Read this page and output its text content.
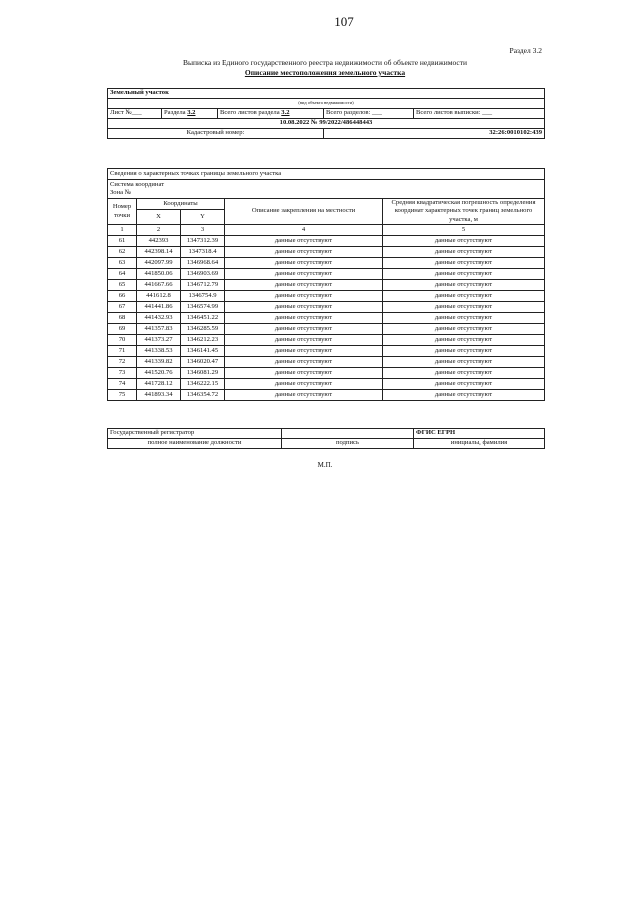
107
Раздел 3.2
Выписка из Единого государственного реестра недвижимости об объекте недвижимости
Описание местоположения земельного участка
Земельный участок				
(вид объекта недвижимости)				
Лист №___	Раздела 3.2	Всего листов раздела 3.2	Всего разделов: ___	Всего листов выписки: ___
10.08.2022 № 99/2022/486448443				
Кадастровый номер:			32:26:0010102:439	
Сведения о характерных точках границы земельного участка				

Система координат
Зона №				

Номер точки	Координаты		Описание закрепления на местности	Средняя квадратическая погрешность определения координат характерных точек границ земельного участка, м
	X	Y		
1	2	3	4	5
61	442393	1347312.39	данные отсутствуют	данные отсутствуют
62	442398.14	1347318.4	данные отсутствуют	данные отсутствуют
63	442097.99	1346968.64	данные отсутствуют	данные отсутствуют
64	441850.06	1346903.69	данные отсутствуют	данные отсутствуют
65	441667.66	1346712.79	данные отсутствуют	данные отсутствуют
66	441612.8	1346754.9	данные отсутствуют	данные отсутствуют
67	441441.86	1346574.99	данные отсутствуют	данные отсутствуют
68	441432.93	1346451.22	данные отсутствуют	данные отсутствуют
69	441357.83	1346285.59	данные отсутствуют	данные отсутствуют
70	441373.27	1346212.23	данные отсутствуют	данные отсутствуют
71	441338.53	1346141.45	данные отсутствуют	данные отсутствуют
72	441339.82	1346020.47	данные отсутствуют	данные отсутствуют
73	441520.76	1346081.29	данные отсутствуют	данные отсутствуют
74	441728.12	1346222.15	данные отсутствуют	данные отсутствуют
75	441893.34	1346354.72	данные отсутствуют	данные отсутствуют
Государственный регистратор		ФГИС ЕГРН
полное наименование должности	подпись	инициалы, фамилия
М.П.
